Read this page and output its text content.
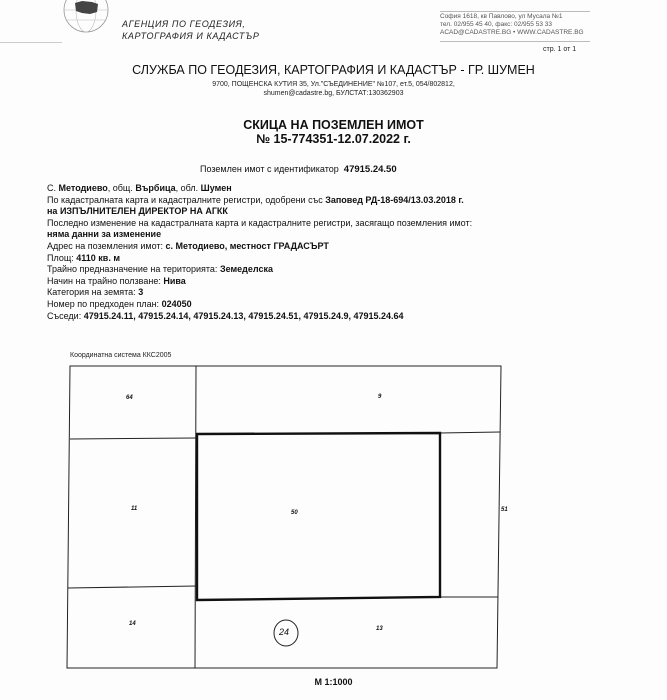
АГЕНЦИЯ ПО ГЕОДЕЗИЯ,
КАРТОГРАФИЯ И КАДАСТЪР
София 1618, кв Павлово, ул Мусала №1
тел. 02/955 45 40, факс: 02/955 53 33
ACAD@CADASTRE.BG • WWW.CADASTRE.BG
стр. 1 от 1
СЛУЖБА ПО ГЕОДЕЗИЯ, КАРТОГРАФИЯ И КАДАСТЪР - ГР. ШУМЕН
9700, ПОЩЕНСКА КУТИЯ 35, Ул."СЪЕДИНЕНИЕ" №107, ет.5, 054/802812,
shumen@cadastre.bg, БУЛСТАТ:130362903
СКИЦА НА ПОЗЕМЛЕН ИМОТ
№ 15-774351-12.07.2022 г.
Поземлен имот с идентификатор 47915.24.50
С. Методиево, общ. Върбица, обл. Шумен
По кадастралната карта и кадастралните регистри, одобрени със Заповед РД-18-694/13.03.2018 г.
на ИЗПЪЛНИТЕЛЕН ДИРЕКТОР НА АГКК
Последно изменение на кадастралната карта и кадастралните регистри, засягащо поземления имот:
няма данни за изменение
Адрес на поземления имот: с. Методиево, местност ГРАДАСЪРТ
Площ: 4110 кв. м
Трайно предназначение на територията: Земеделска
Начин на трайно ползване: Нива
Категория на земята: 3
Номер по предходен план: 024050
Съседи: 47915.24.11, 47915.24.14, 47915.24.13, 47915.24.51, 47915.24.9, 47915.24.64
Координатна система ККС2005
64	9
11
50	51
14
13
24
М 1:1000
